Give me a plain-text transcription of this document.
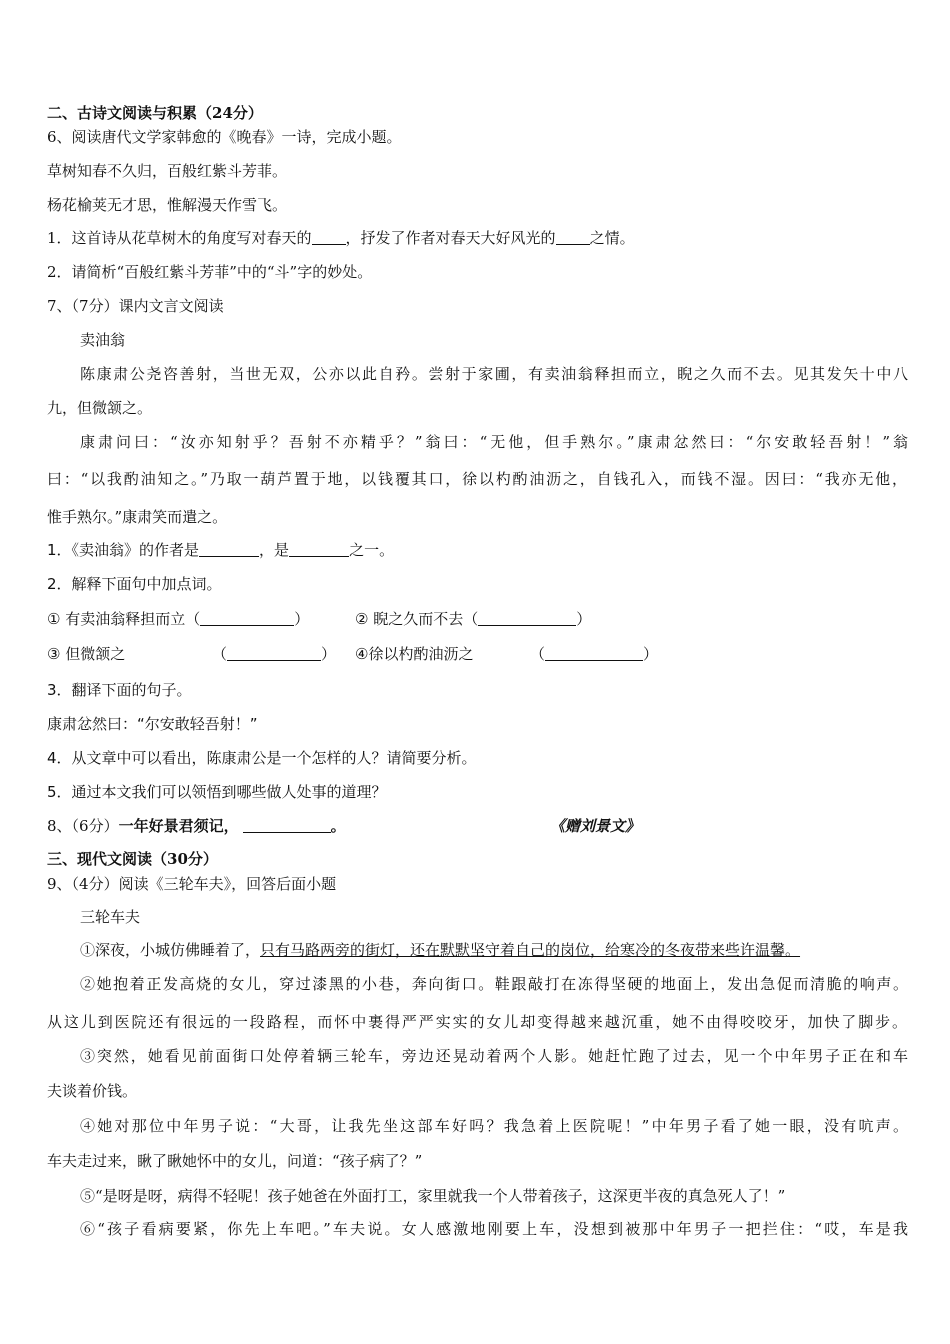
二、古诗文阅读与积累（24分）
6、阅读唐代文学家韩愈的《晚春》一诗，完成小题。
草树知春不久归，百般红紫斗芳菲。
杨花榆荚无才思，惟解漫天作雪飞。
1．这首诗从花草树木的角度写对春天的 ，抒发了作者对春天大好风光的 之情。
2．请简析“百般红紫斗芳菲”中的“斗”字的妙处。
7、（7分）课内文言文阅读
卖油翁
陈康肃公尧咨善射，当世无双，公亦以此自矜。尝射于家圃，有卖油翁释担而立，睨之久而不去。见其发矢十中八
九，但微颔之。
康肃问曰：“汝亦知射乎？吾射不亦精乎？”翁曰：“无他，但手熟尔。”康肃忿然曰：“尔安敢轻吾射！”翁
曰：“以我酌油知之。”乃取一葫芦置于地，以钱覆其口，徐以杓酌油沥之，自钱孔入，而钱不湿。因曰：“我亦无他，
惟手熟尔。”康肃笑而遣之。
1．《卖油翁》的作者是	，是	之一。
2．解释下面句中加点词。
① 有卖油翁释担而立（	）	② 睨之久而不去（	）
③ 但微颔之	（	） ④徐以杓酌油沥之	（	）
3．翻译下面的句子。
康肃忿然曰：“尔安敢轻吾射！”
4．从文章中可以看出，陈康肃公是一个怎样的人？请简要分析。
5．通过本文我们可以领悟到哪些做人处事的道理？
8、（6分）一年好景君须记，	。	《赠刘景文》
三、现代文阅读（30分）
9、（4分）阅读《三轮车夫》，回答后面小题
三轮车夫
①深夜，小城仿佛睡着了，只有马路两旁的街灯，还在默默坚守着自己的岗位，给寒冷的冬夜带来些许温馨。
②她抱着正发高烧的女儿，穿过漆黑的小巷，奔向街口。鞋跟敲打在冻得坚硬的地面上，发出急促而清脆的响声。
从这儿到医院还有很远的一段路程，而怀中裹得严严实实的女儿却变得越来越沉重，她不由得咬咬牙，加快了脚步。
③突然，她看见前面街口处停着辆三轮车，旁边还晃动着两个人影。她赶忙跑了过去，见一个中年男子正在和车
夫谈着价钱。
④她对那位中年男子说：“大哥，让我先坐这部车好吗？我急着上医院呢！”中年男子看了她一眼，没有吭声。
车夫走过来，瞅了瞅她怀中的女儿，问道：“孩子病了？”
⑤“是呀是呀，病得不轻呢！孩子她爸在外面打工，家里就我一个人带着孩子，这深更半夜的真急死人了！”
⑥“孩子看病要紧，你先上车吧。”车夫说。女人感激地刚要上车，没想到被那中年男子一把拦住：“哎，车是我
